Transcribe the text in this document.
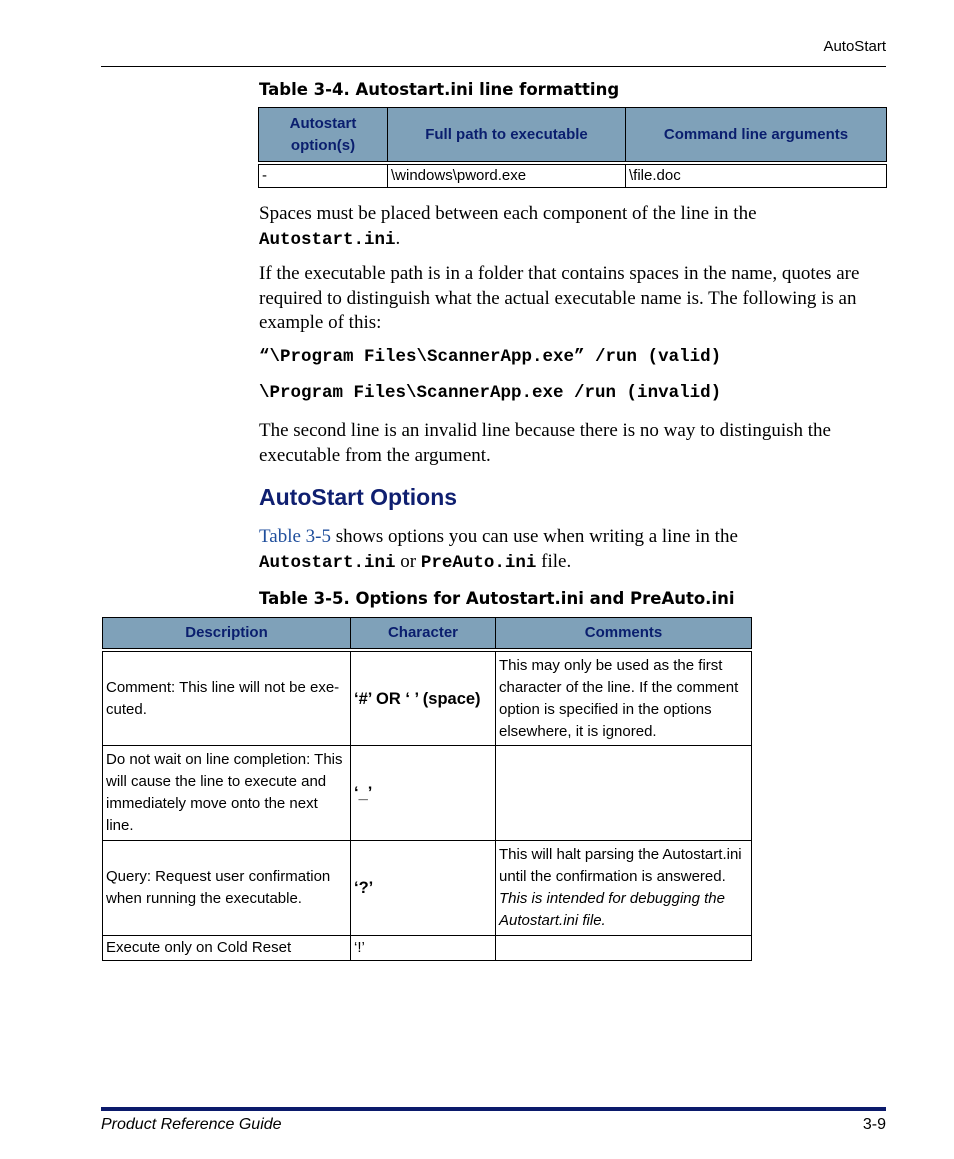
AutoStart
Table 3-4. Autostart.ini line formatting
Autostart option(s)	Full path to executable	Command line arguments

-	\windows\pword.exe	\file.doc

Spaces must be placed between each component of the line in the
Autostart.ini.

If the executable path is in a folder that contains spaces in the name, quotes are required to distinguish what the actual executable name is. The following is an example of this:

“\Program Files\ScannerApp.exe” /run (valid)
\Program Files\ScannerApp.exe /run (invalid)

The second line is an invalid line because there is no way to distinguish the executable from the argument.

AutoStart Options

Table 3-5 shows options you can use when writing a line in the
Autostart.ini or PreAuto.ini file.

Table 3-5. Options for Autostart.ini and PreAuto.ini
Description	Character	Comments

Comment: This line will not be exe-cuted.	‘#’ OR ‘ ’ (space)	This may only be used as the first character of the line. If the comment option is specified in the options elsewhere, it is ignored.
Do not wait on line completion: This will cause the line to execute and immediately move onto the next line.	‘_’	
Query: Request user confirmation when running the executable.	‘?’	This will halt parsing the Autostart.ini until the confirmation is answered. This is intended for debugging the Autostart.ini file.
Execute only on Cold Reset	‘!’	
Product Reference Guide	3-9
